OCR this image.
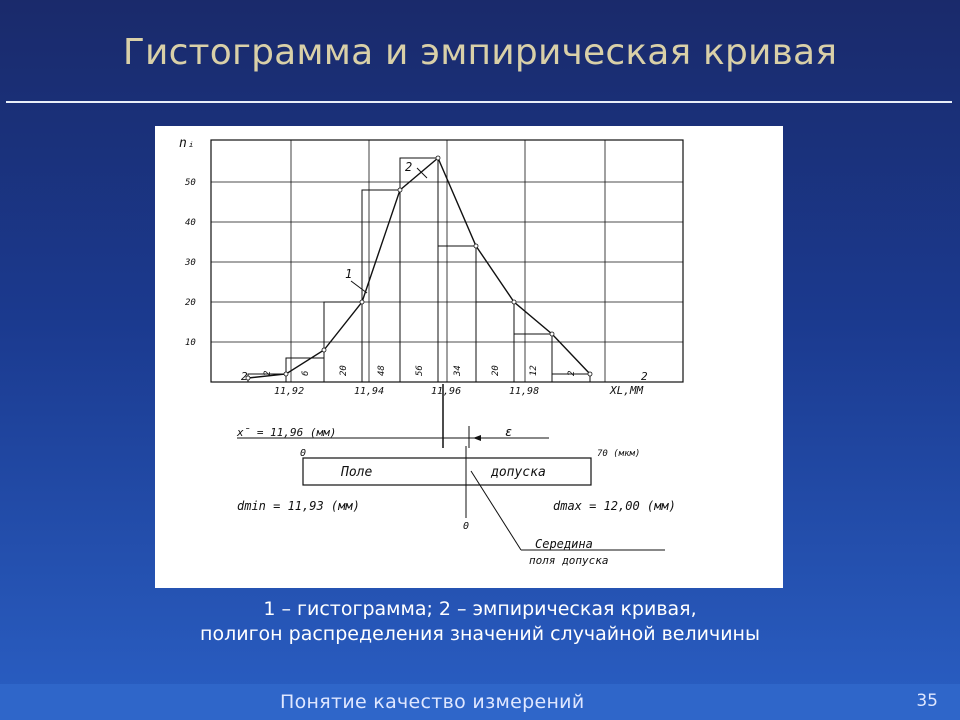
Гистограмма и эмпирическая кривая
10
20
30
40
50
2	6	20	48	56	34	20	12	2
11,92	11,94	11,96	11,98
2	2
nᵢ
XL,ММ
1
2
x̄ = 11,96 (мм)	ε
0	70 (мкм)
Поле	допуска
0
dmin = 11,93 (мм)	dmax = 12,00 (мм)
Середина
поля допуска
1 – гистограмма; 2 – эмпирическая кривая,
полигон распределения значений случайной величины
Понятие качество измерений	35
